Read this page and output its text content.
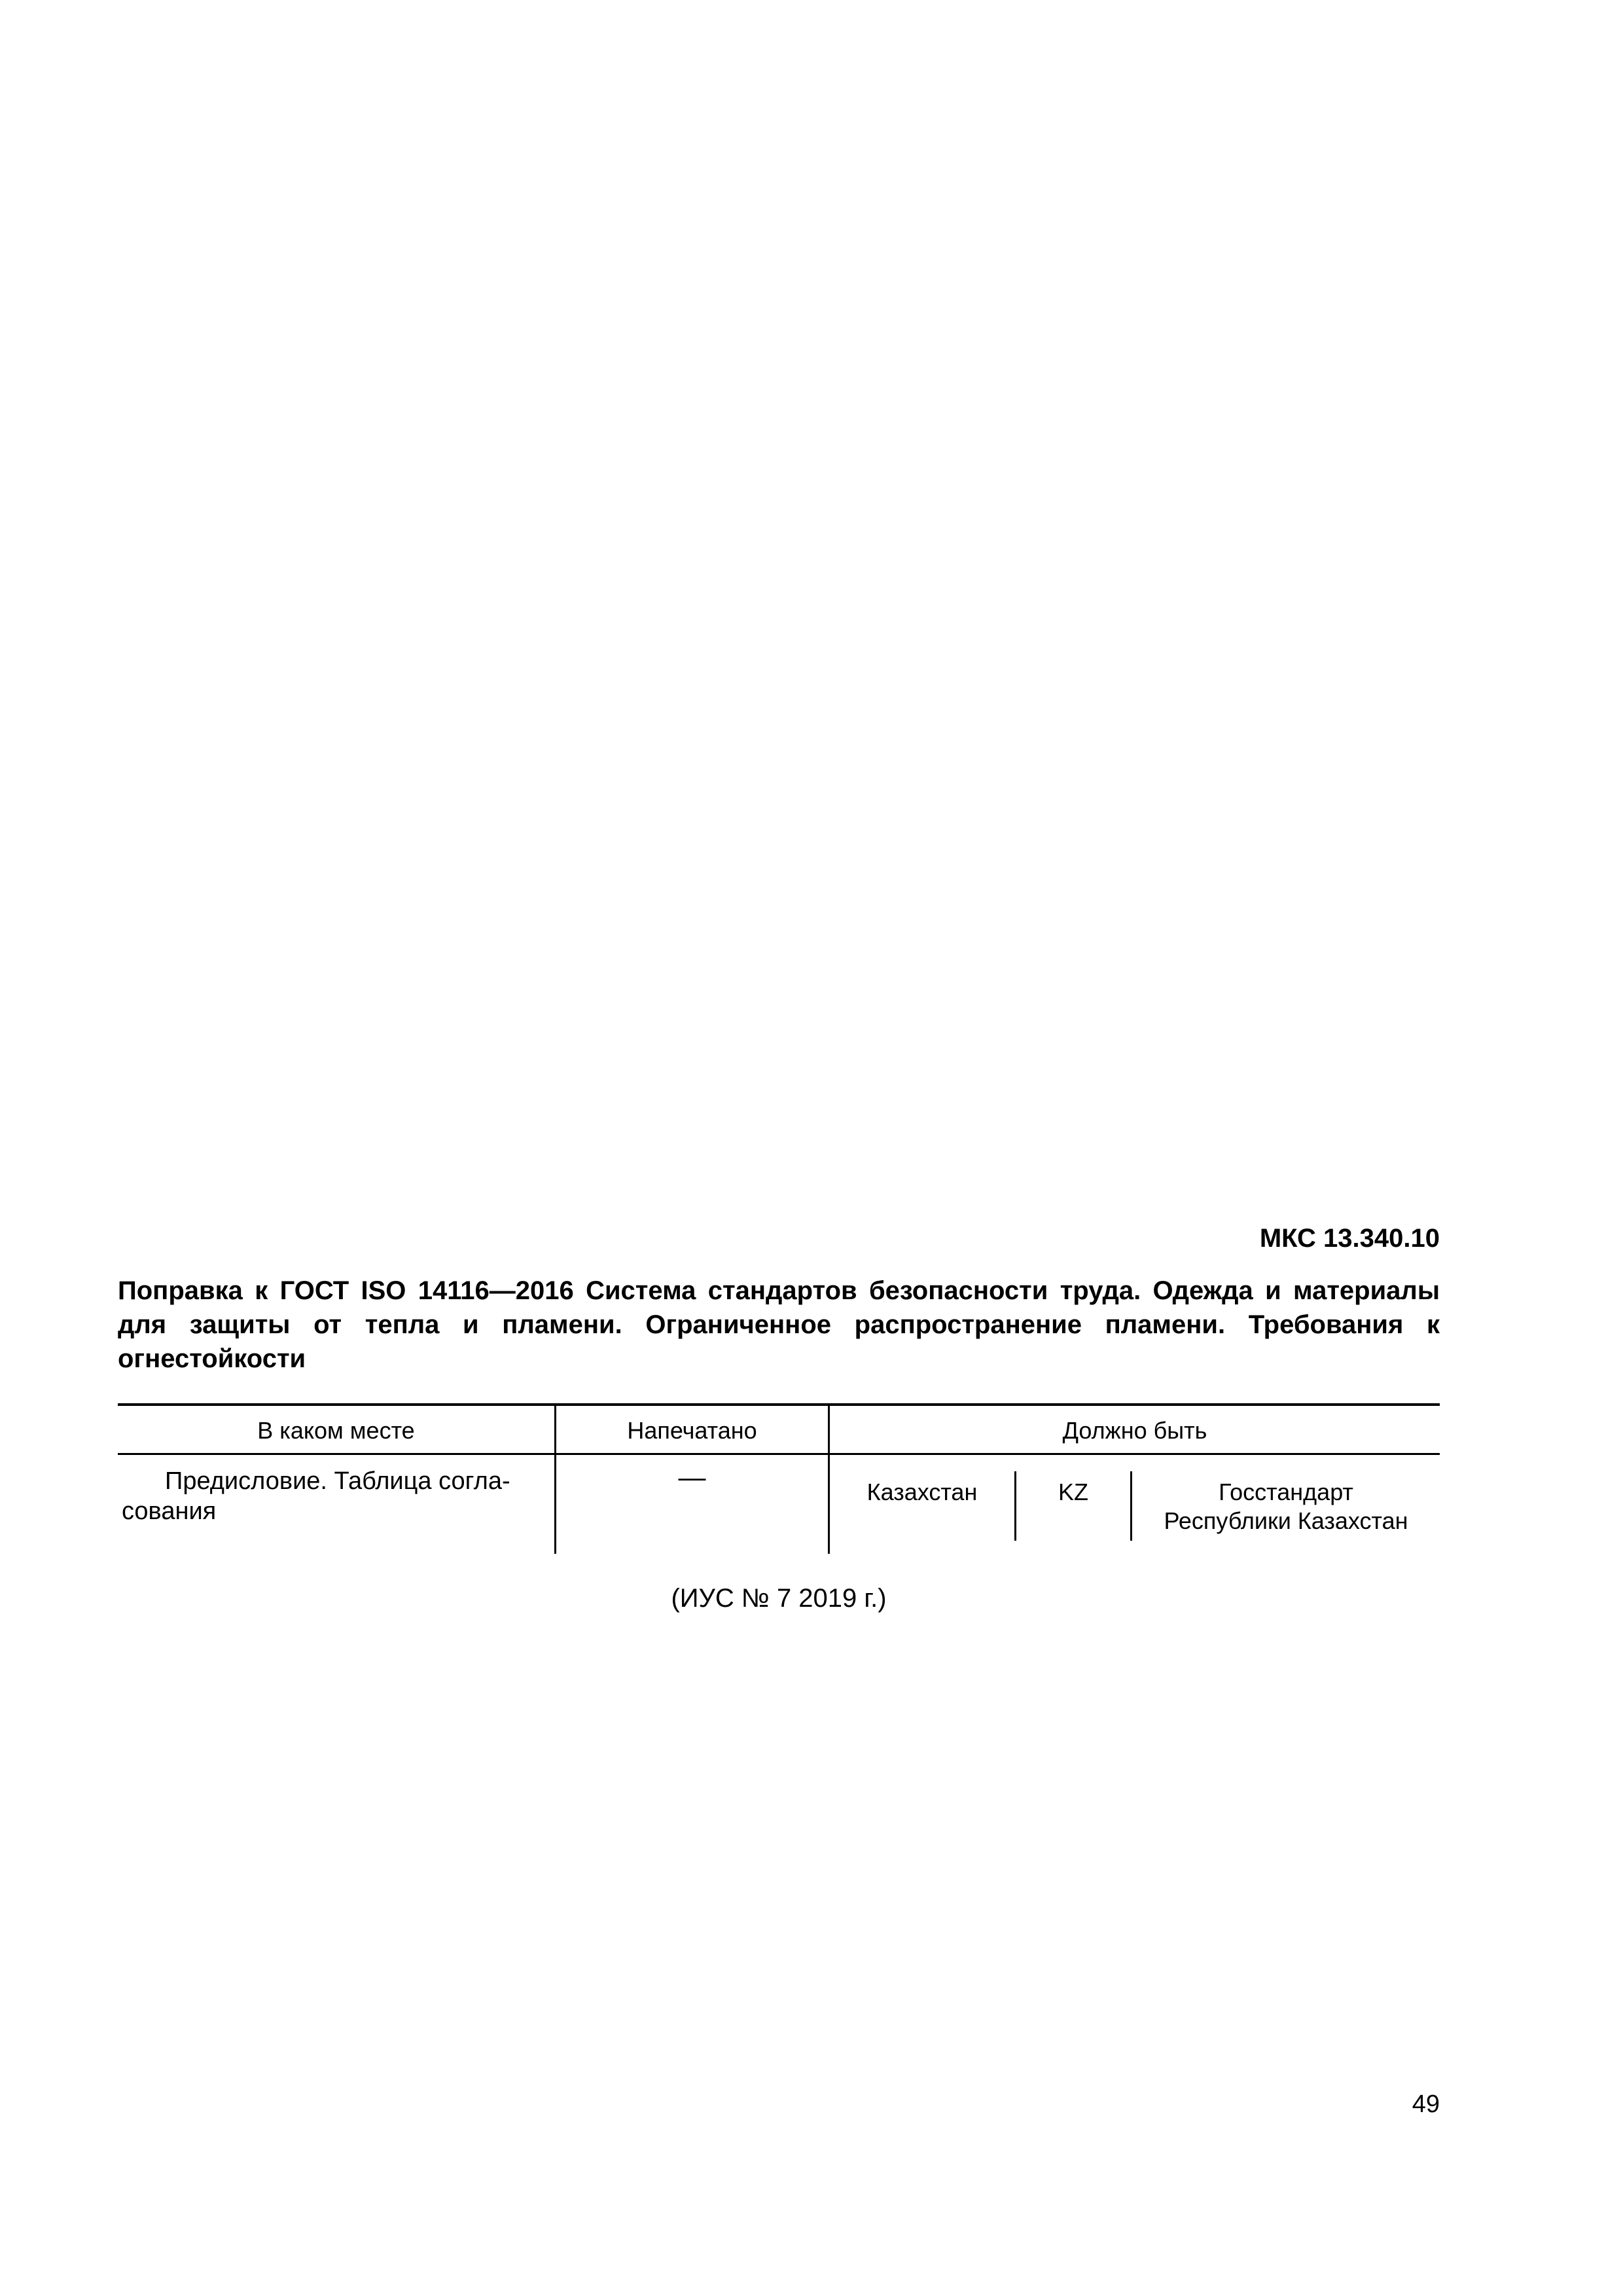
МКС 13.340.10
Поправка к ГОСТ ISO 14116—2016 Система стандартов безопасности труда. Одежда и материалы для защиты от тепла и пламени. Ограниченное распространение пламени. Требования к огнестойкости
В каком месте	Напечатано	Должно быть
Предисловие. Таблица согла-
сования
—	Казахстан	KZ	Госстандарт
Республики Казахстан
(ИУС № 7 2019 г.)
49
